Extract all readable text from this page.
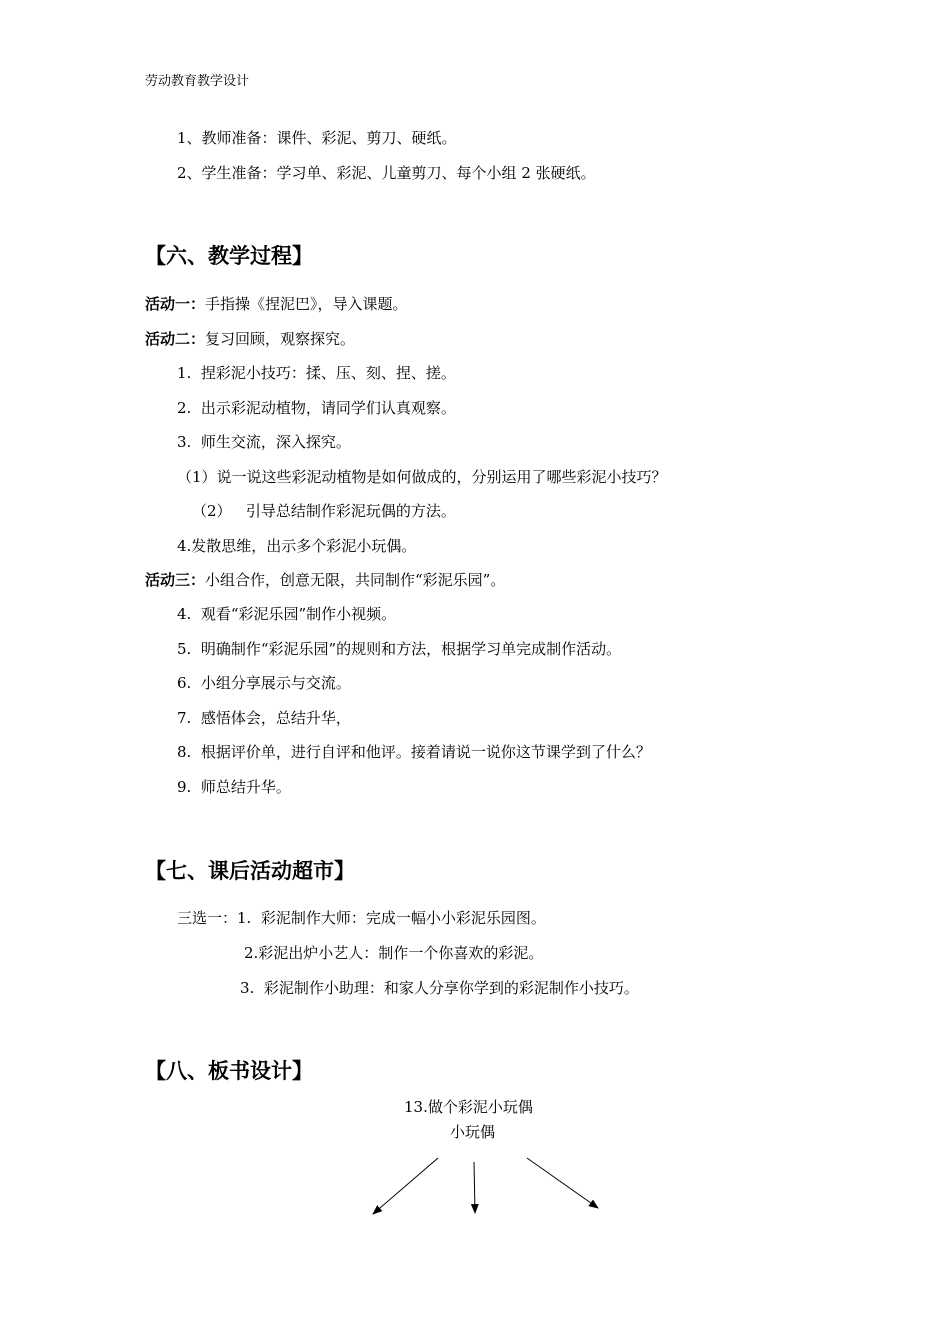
劳动教育教学设计
1、教师准备：课件、彩泥、剪刀、硬纸。
2、学生准备：学习单、彩泥、儿童剪刀、每个小组 2 张硬纸。
【六、教学过程】
活动一：手指操《捏泥巴》，导入课题。
活动二：复习回顾，观察探究。
1.  捏彩泥小技巧：揉、压、刻、捏、搓。
2.  出示彩泥动植物，请同学们认真观察。
3.  师生交流，深入探究。
（1）说一说这些彩泥动植物是如何做成的，分别运用了哪些彩泥小技巧？
（2）   引导总结制作彩泥玩偶的方法。
4.发散思维，出示多个彩泥小玩偶。
活动三：小组合作，创意无限，共同制作“彩泥乐园”。
4.  观看“彩泥乐园”制作小视频。
5.  明确制作“彩泥乐园”的规则和方法，根据学习单完成制作活动。
6.  小组分享展示与交流。
7.  感悟体会，总结升华，
8.  根据评价单，进行自评和他评。接着请说一说你这节课学到了什么？
9.  师总结升华。
【七、课后活动超市】
三选一：1.  彩泥制作大师：完成一幅小小彩泥乐园图。
2.彩泥出炉小艺人：制作一个你喜欢的彩泥。
3.  彩泥制作小助理：和家人分享你学到的彩泥制作小技巧。
【八、板书设计】
13.做个彩泥小玩偶
小玩偶
